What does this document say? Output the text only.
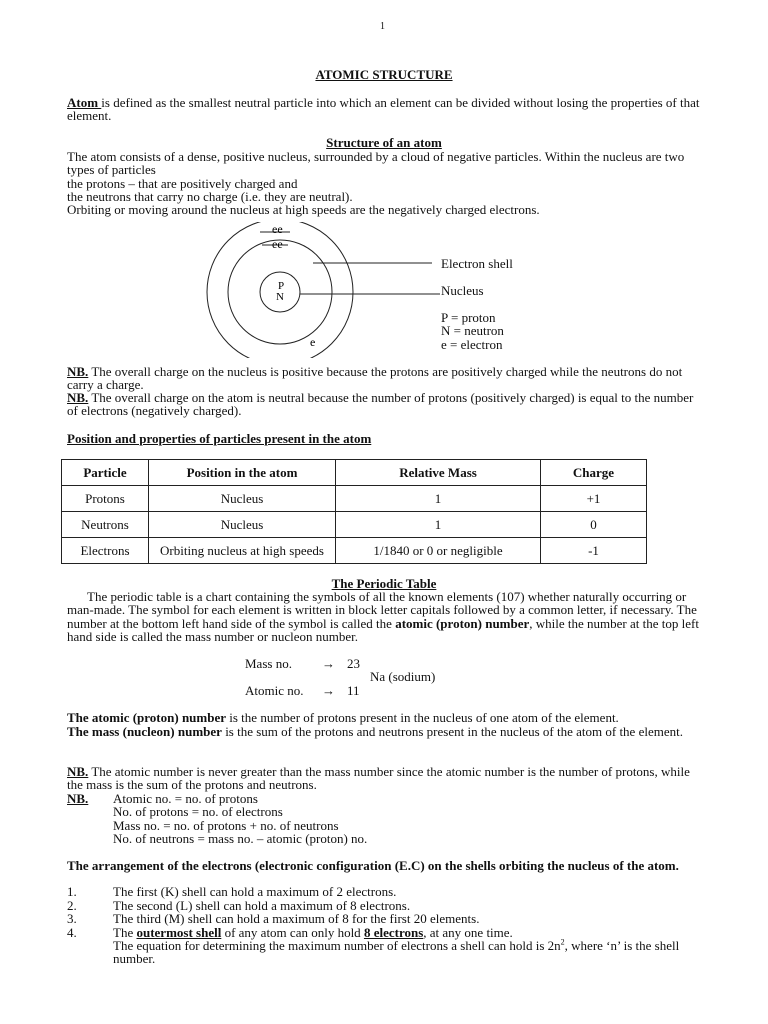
1
ATOMIC STRUCTURE

Atom is defined as the smallest neutral particle into which an element can be divided without losing the properties of that element.

Structure of an atom

The atom consists of a dense, positive nucleus, surrounded by a cloud of negative particles. Within the nucleus are two types of particles

the protons – that are positively charged and

the neutrons that carry no charge (i.e. they are neutral).

Orbiting or moving around the nucleus at high speeds are the negatively charged electrons.

ee
ee
e
P
N
Electron shell
Nucleus
P = proton
N = neutron
e = electron

NB. The overall charge on the nucleus is positive because the protons are positively charged while the neutrons do not carry a charge.

NB. The overall charge on the atom is neutral because the number of protons (positively charged) is equal to the number of electrons (negatively charged).

Position and properties of particles present in the atom

Particle	Position in the atom	Relative Mass	Charge
Protons	Nucleus	1	+1
Neutrons	Nucleus	1	0
Electrons	Orbiting nucleus at high speeds	1/1840 or 0 or negligible	-1
The Periodic Table

The periodic table is a chart containing the symbols of all the known elements (107) whether naturally occurring or man-made. The symbol for each element is written in block letter capitals followed by a common letter, if necessary. The number at the bottom left hand side of the symbol is called the atomic (proton) number, while the number at the top left hand side is called the mass number or nucleon number.

Mass no. → 23
Na (sodium)
Atomic no. → 11

The atomic (proton) number is the number of protons present in the nucleus of one atom of the element.

The mass (nucleon) number is the sum of the protons and neutrons present in the nucleus of the atom of the element.

NB. The atomic number is never greater than the mass number since the atomic number is the number of protons, while the mass is the sum of the protons and neutrons.

NB. Atomic no. = no. of protons
No. of protons = no. of electrons
Mass no. = no. of protons + no. of neutrons
No. of neutrons = mass no. – atomic (proton) no.

The arrangement of the electrons (electronic configuration (E.C) on the shells orbiting the nucleus of the atom.

1.	The first (K) shell can hold a maximum of 2 electrons.
2.	The second (L) shell can hold a maximum of 8 electrons.
3.	The third (M) shell can hold a maximum of 8 for the first 20 elements.
4.	The outermost shell of any atom can only hold 8 electrons, at any one time.

The equation for determining the maximum number of electrons a shell can hold is $2n^2$, where ‘n’ is the shell number.
